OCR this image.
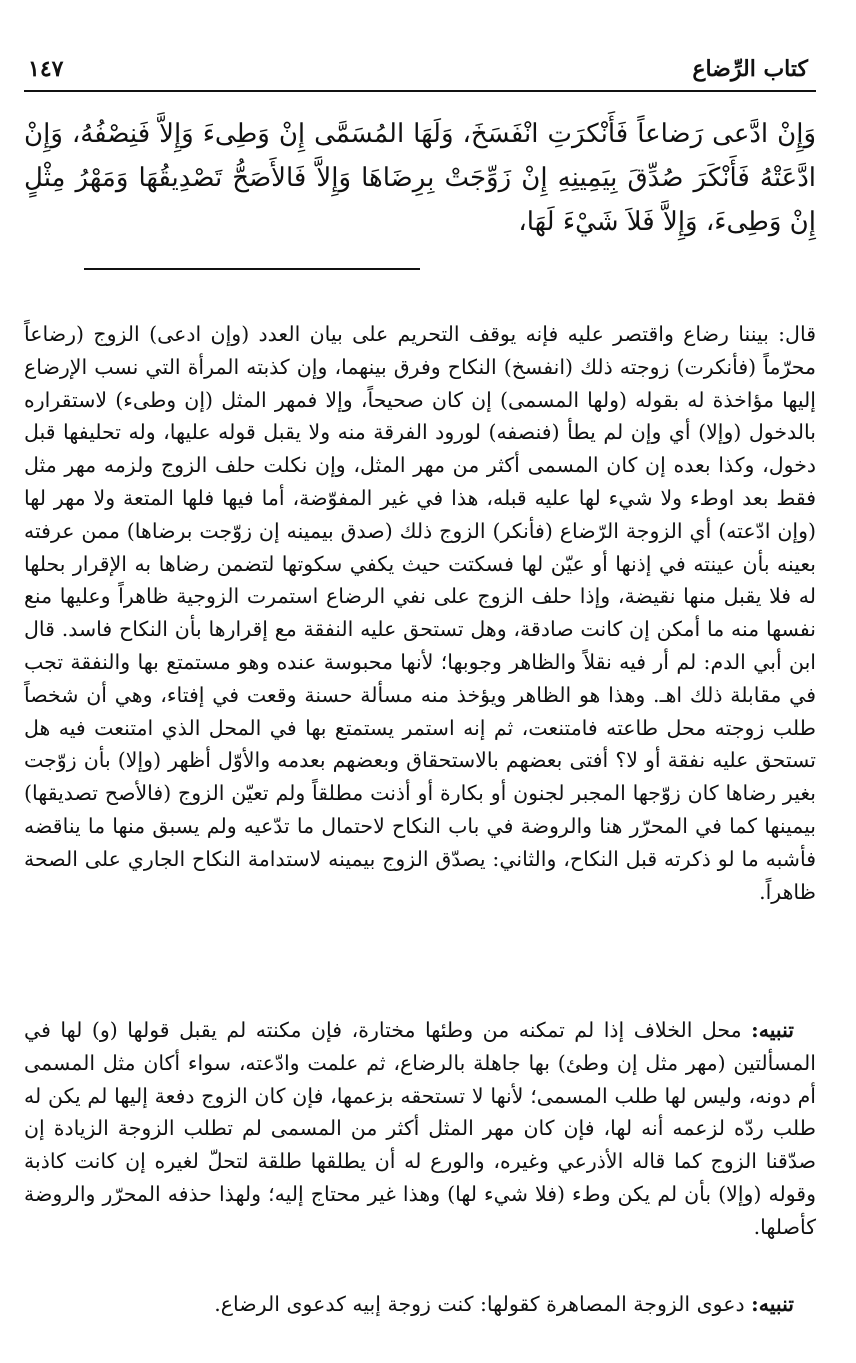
كتاب الرِّضاع
١٤٧

وَإِنْ ادَّعى رَضاعاً فَأَنْكرَتِ انْفَسَخَ، وَلَهَا المُسَمَّى إِنْ وَطِىءَ وَإِلاَّ فَنِصْفُهُ، وَإِنْ ادَّعَتْهُ فَأَنْكَرَ صُدِّقَ بِيَمِينِهِ إِنْ زَوِّجَتْ بِرِضَاهَا وَإِلاَّ فَالأَصَحُّ تَصْدِيقُهَا وَمَهْرُ مِثْلٍ إِنْ وَطِىءَ، وَإِلاَّ فَلاَ شَيْءَ لَهَا،

قال: بيننا رضاع واقتصر عليه فإنه يوقف التحريم على بيان العدد (وإن ادعى) الزوج (رضاعاً محرّماً (فأنكرت) زوجته ذلك (انفسخ) النكاح وفرق بينهما، وإن كذبته المرأة التي نسب الإرضاع إليها مؤاخذة له بقوله (ولها المسمى) إن كان صحيحاً، وإلا فمهر المثل (إن وطىء) لاستقراره بالدخول (وإلا) أي وإن لم يطأ (فنصفه) لورود الفرقة منه ولا يقبل قوله عليها، وله تحليفها قبل دخول، وكذا بعده إن كان المسمى أكثر من مهر المثل، وإن نكلت حلف الزوج ولزمه مهر مثل فقط بعد اوطء ولا شيء لها عليه قبله، هذا في غير المفوّضة، أما فيها فلها المتعة ولا مهر لها (وإن ادّعته) أي الزوجة الرّضاع (فأنكر) الزوج ذلك (صدق بيمينه إن زوّجت برضاها) ممن عرفته بعينه بأن عينته في إذنها أو عيّن لها فسكتت حيث يكفي سكوتها لتضمن رضاها به الإقرار بحلها له فلا يقبل منها نقيضة، وإذا حلف الزوج على نفي الرضاع استمرت الزوجية ظاهراً وعليها منع نفسها منه ما أمكن إن كانت صادقة، وهل تستحق عليه النفقة مع إقرارها بأن النكاح فاسد. قال ابن أبي الدم: لم أر فيه نقلاً والظاهر وجوبها؛ لأنها محبوسة عنده وهو مستمتع بها والنفقة تجب في مقابلة ذلك اهـ. وهذا هو الظاهر ويؤخذ منه مسألة حسنة وقعت في إفتاء، وهي أن شخصاً طلب زوجته محل طاعته فامتنعت، ثم إنه استمر يستمتع بها في المحل الذي امتنعت فيه هل تستحق عليه نفقة أو لا؟ أفتى بعضهم بالاستحقاق وبعضهم بعدمه والأوّل أظهر (وإلا) بأن زوّجت بغير رضاها كان زوّجها المجبر لجنون أو بكارة أو أذنت مطلقاً ولم تعيّن الزوج (فالأصح تصديقها) بيمينها كما في المحرّر هنا والروضة في باب النكاح لاحتمال ما تدّعيه ولم يسبق منها ما يناقضه فأشبه ما لو ذكرته قبل النكاح، والثاني: يصدّق الزوج بيمينه لاستدامة النكاح الجاري على الصحة ظاهراً.

تنبيه: محل الخلاف إذا لم تمكنه من وطئها مختارة، فإن مكنته لم يقبل قولها (و) لها في المسألتين (مهر مثل إن وطئ) بها جاهلة بالرضاع، ثم علمت وادّعته، سواء أكان مثل المسمى أم دونه، وليس لها طلب المسمى؛ لأنها لا تستحقه بزعمها، فإن كان الزوج دفعة إليها لم يكن له طلب ردّه لزعمه أنه لها، فإن كان مهر المثل أكثر من المسمى لم تطلب الزوجة الزيادة إن صدّقنا الزوج كما قاله الأذرعي وغيره، والورع له أن يطلقها طلقة لتحلّ لغيره إن كانت كاذبة وقوله (وإلا) بأن لم يكن وطء (فلا شيء لها) وهذا غير محتاج إليه؛ ولهذا حذفه المحرّر والروضة كأصلها.

تنبيه: دعوى الزوجة المصاهرة كقولها: كنت زوجة إبيه كدعوى الرضاع.
